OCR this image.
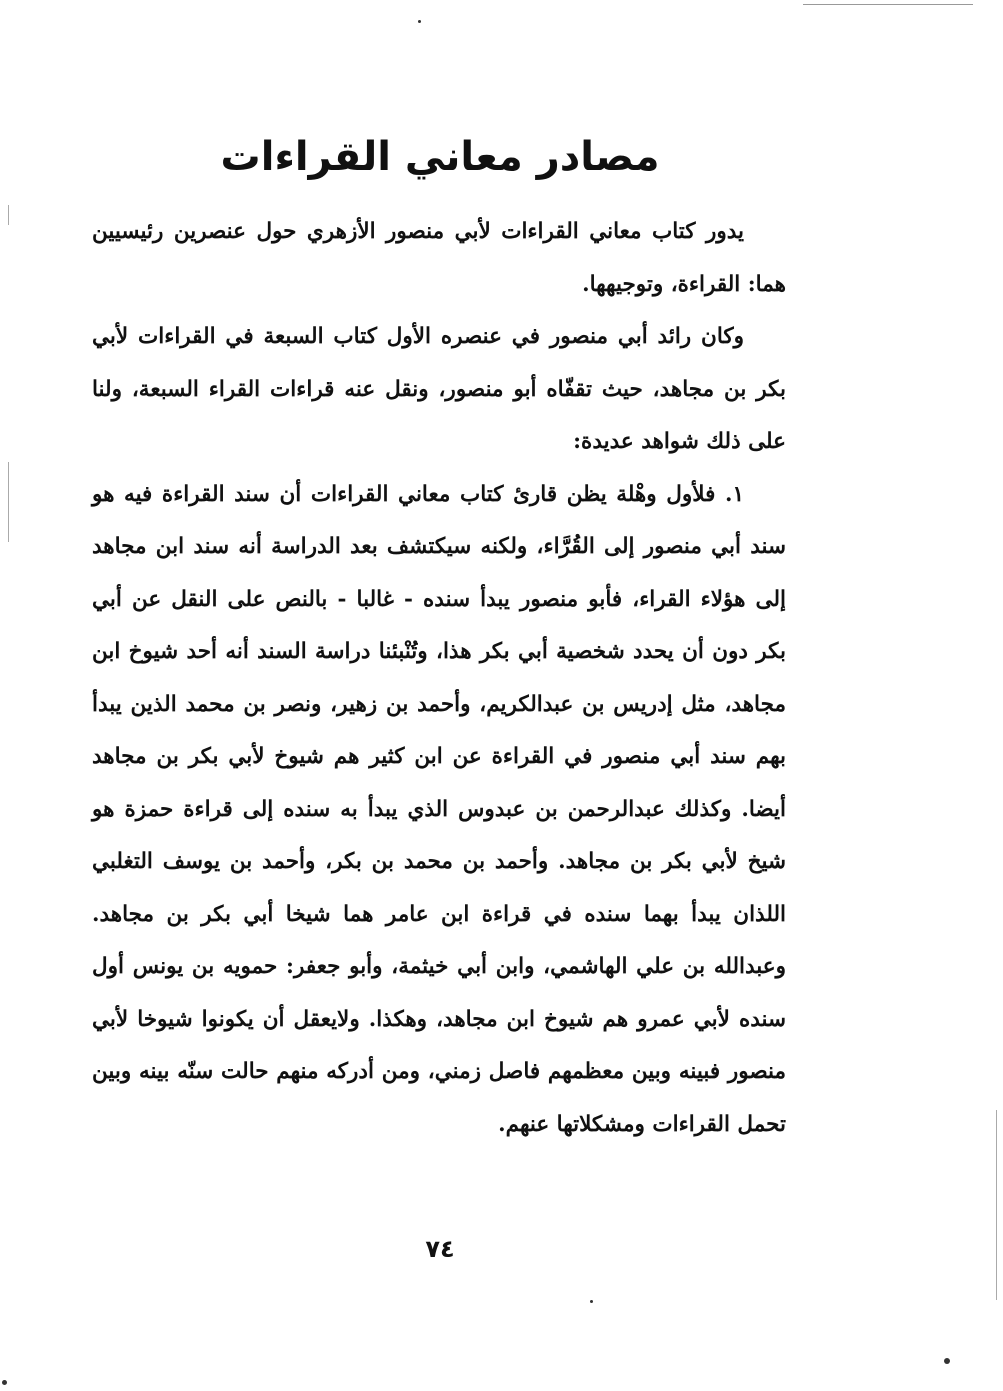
مصادر معاني القراءات

يدور كتاب معاني القراءات لأبي منصور الأزهري حول عنصرين رئيسيين هما: القراءة، وتوجيهها.

وكان رائد أبي منصور في عنصره الأول كتاب السبعة في القراءات لأبي بكر بن مجاهد، حيث تقفّاه أبو منصور، ونقل عنه قراءات القراء السبعة، ولنا على ذلك شواهد عديدة:

١. فلأول وهْلة يظن قارئ كتاب معاني القراءات أن سند القراءة فيه هو سند أبي منصور إلى القُرَّاء، ولكنه سيكتشف بعد الدراسة أنه سند ابن مجاهد إلى هؤلاء القراء، فأبو منصور يبدأ سنده - غالبا - بالنص على النقل عن أبي بكر دون أن يحدد شخصية أبي بكر هذا، وتُنْبئنا دراسة السند أنه أحد شيوخ ابن مجاهد، مثل إدريس بن عبدالكريم، وأحمد بن زهير، ونصر بن محمد الذين يبدأ بهم سند أبي منصور في القراءة عن ابن كثير هم شيوخ لأبي بكر بن مجاهد أيضا. وكذلك عبدالرحمن بن عبدوس الذي يبدأ به سنده إلى قراءة حمزة هو شيخ لأبي بكر بن مجاهد. وأحمد بن محمد بن بكر، وأحمد بن يوسف التغلبي اللذان يبدأ بهما سنده في قراءة ابن عامر هما شيخا أبي بكر بن مجاهد. وعبدالله بن علي الهاشمي، وابن أبي خيثمة، وأبو جعفر: حمويه بن يونس أول سنده لأبي عمرو هم شيوخ ابن مجاهد، وهكذا. ولايعقل أن يكونوا شيوخا لأبي منصور فبينه وبين معظمهم فاصل زمني، ومن أدركه منهم حالت سنّه بينه وبين تحمل القراءات ومشكلاتها عنهم.

٧٤
